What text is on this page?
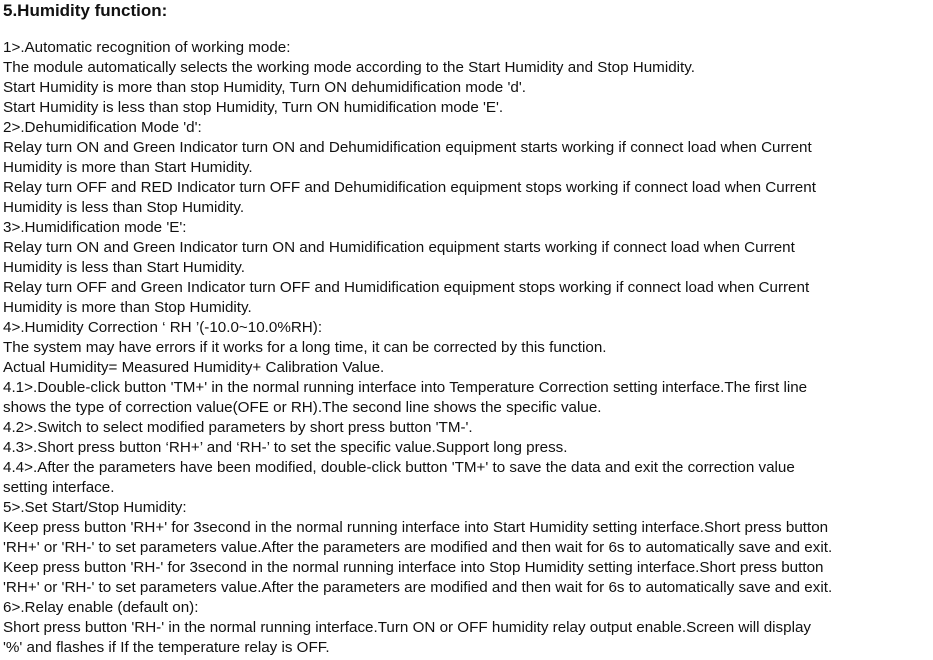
5.Humidity function:
1>.Automatic recognition of working mode:
The module automatically selects the working mode according to the Start Humidity and Stop Humidity.
Start Humidity is more than stop Humidity, Turn ON dehumidification mode 'd'.
Start Humidity is less than stop Humidity, Turn ON humidification mode 'E'.
2>.Dehumidification Mode 'd':
Relay turn ON and Green Indicator turn ON and Dehumidification equipment starts working if connect load when Current
Humidity is more than Start Humidity.
Relay turn OFF and RED Indicator turn OFF and Dehumidification equipment stops working if connect load when Current
Humidity is less than Stop Humidity.
3>.Humidification mode 'E':
Relay turn ON and Green Indicator turn ON and Humidification equipment starts working if connect load when Current
Humidity is less than Start Humidity.
Relay turn OFF and Green Indicator turn OFF and Humidification equipment stops working if connect load when Current
Humidity is more than Stop Humidity.
4>.Humidity Correction ‘ RH ’(-10.0~10.0%RH):
The system may have errors if it works for a long time, it can be corrected by this function.
Actual Humidity= Measured Humidity+ Calibration Value.
4.1>.Double-click button 'TM+' in the normal running interface into Temperature Correction setting interface.The first line
shows the type of correction value(OFE or RH).The second line shows the specific value.
4.2>.Switch to select modified parameters by short press button 'TM-'.
4.3>.Short press button ‘RH+’ and ‘RH-’ to set the specific value.Support long press.
4.4>.After the parameters have been modified, double-click button 'TM+' to save the data and exit the correction value
setting interface.
5>.Set Start/Stop Humidity:
Keep press button 'RH+' for 3second in the normal running interface into Start Humidity setting interface.Short press button
'RH+' or 'RH-' to set parameters value.After the parameters are modified and then wait for 6s to automatically save and exit.
Keep press button 'RH-' for 3second in the normal running interface into Stop Humidity setting interface.Short press button
'RH+' or 'RH-' to set parameters value.After the parameters are modified and then wait for 6s to automatically save and exit.
6>.Relay enable (default on):
Short press button 'RH-' in the normal running interface.Turn ON or OFF humidity relay output enable.Screen will display
'%' and flashes if If the temperature relay is OFF.
